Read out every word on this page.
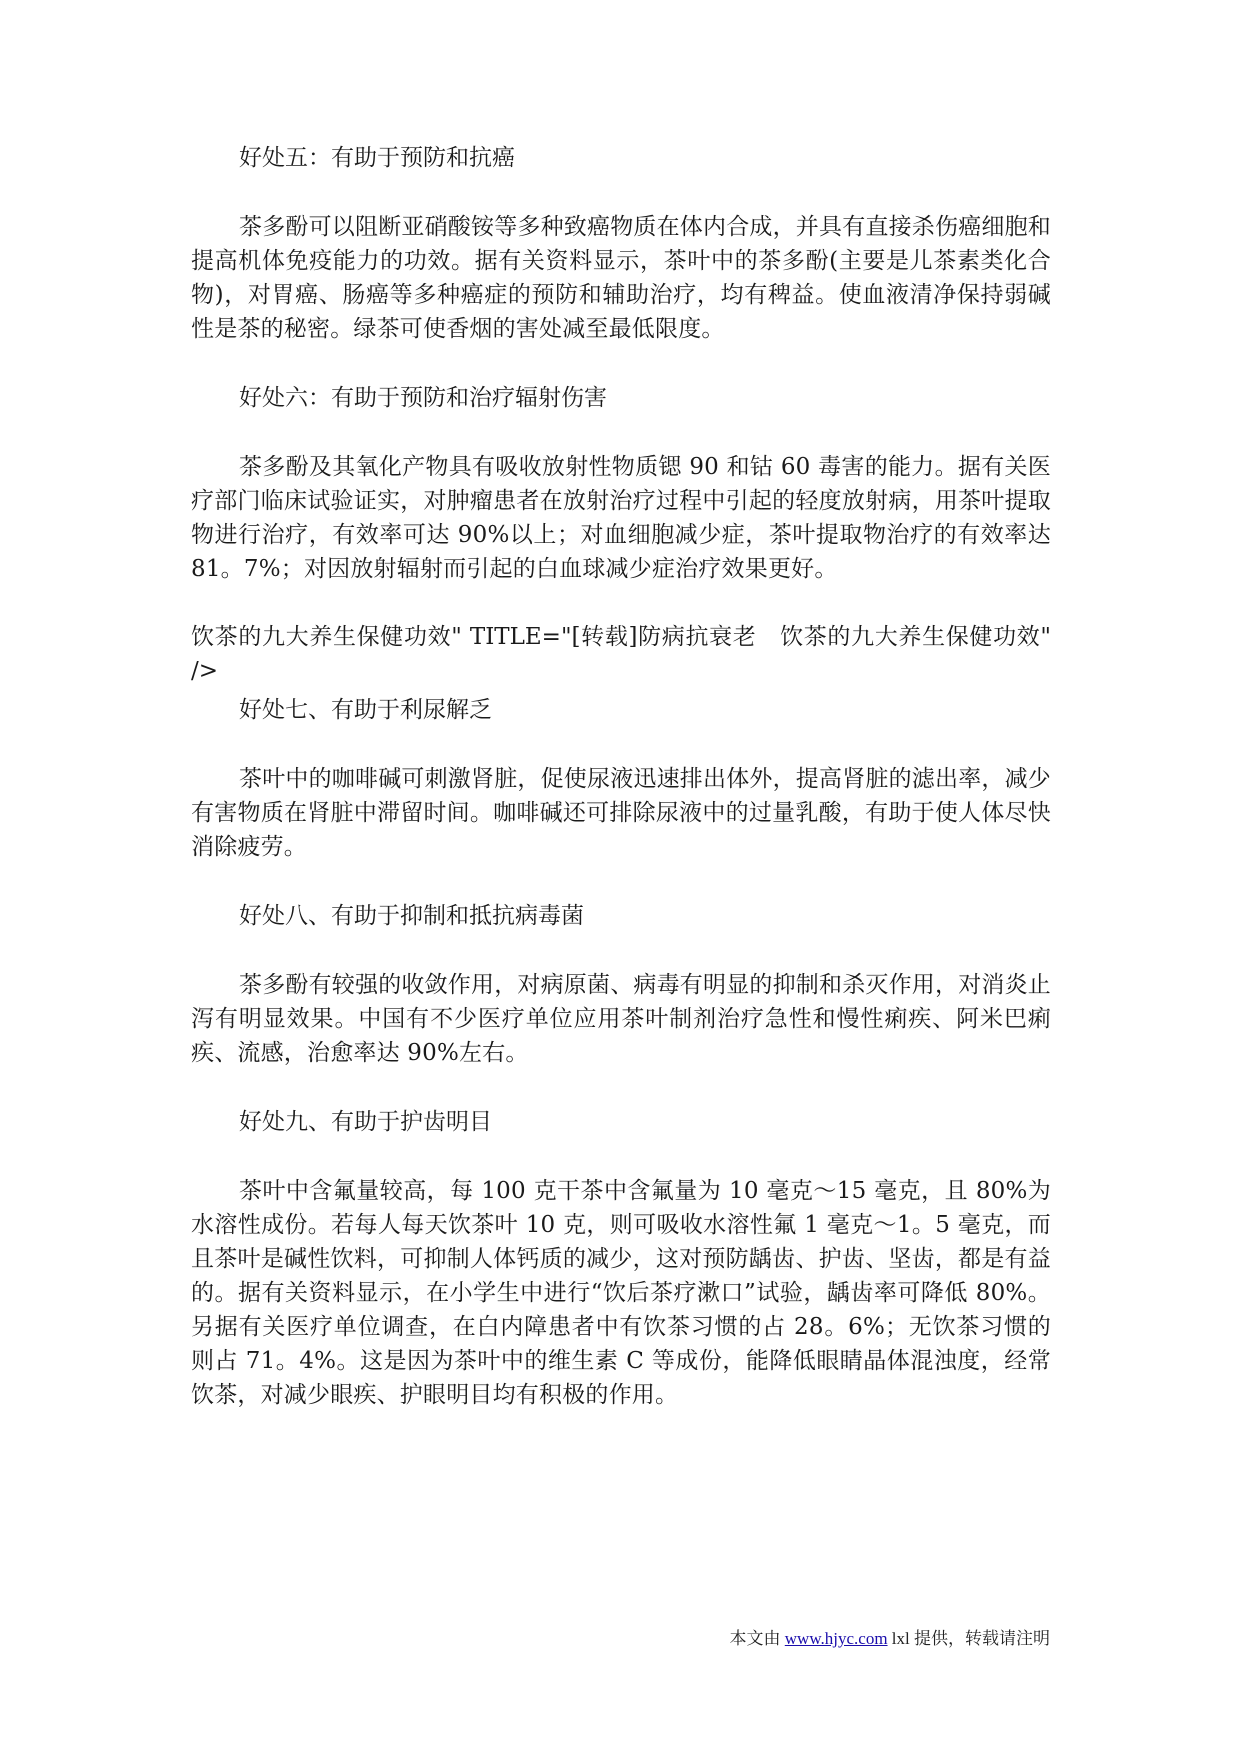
好处五：有助于预防和抗癌

茶多酚可以阻断亚硝酸铵等多种致癌物质在体内合成，并具有直接杀伤癌细胞和提高机体免疫能力的功效。据有关资料显示，茶叶中的茶多酚(主要是儿茶素类化合物)，对胃癌、肠癌等多种癌症的预防和辅助治疗，均有稗益。使血液清净保持弱碱性是茶的秘密。绿茶可使香烟的害处减至最低限度。

好处六：有助于预防和治疗辐射伤害

茶多酚及其氧化产物具有吸收放射性物质锶 90 和钴 60 毒害的能力。据有关医疗部门临床试验证实，对肿瘤患者在放射治疗过程中引起的轻度放射病，用茶叶提取物进行治疗，有效率可达 90%以上；对血细胞减少症，茶叶提取物治疗的有效率达 81。7%；对因放射辐射而引起的白血球减少症治疗效果更好。

饮茶的九大养生保健功效" TITLE="[转载]防病抗衰老　饮茶的九大养生保健功效" />

好处七、有助于利尿解乏

茶叶中的咖啡碱可刺激肾脏，促使尿液迅速排出体外，提高肾脏的滤出率，减少有害物质在肾脏中滞留时间。咖啡碱还可排除尿液中的过量乳酸，有助于使人体尽快消除疲劳。

好处八、有助于抑制和抵抗病毒菌

茶多酚有较强的收敛作用，对病原菌、病毒有明显的抑制和杀灭作用，对消炎止泻有明显效果。中国有不少医疗单位应用茶叶制剂治疗急性和慢性痢疾、阿米巴痢疾、流感，治愈率达 90%左右。

好处九、有助于护齿明目

茶叶中含氟量较高，每 100 克干茶中含氟量为 10 毫克～15 毫克，且 80%为水溶性成份。若每人每天饮茶叶 10 克，则可吸收水溶性氟 1 毫克～1。5 毫克，而且茶叶是碱性饮料，可抑制人体钙质的减少，这对预防龋齿、护齿、坚齿，都是有益的。据有关资料显示，在小学生中进行“饮后茶疗漱口”试验，龋齿率可降低 80%。另据有关医疗单位调查，在白内障患者中有饮茶习惯的占 28。6%；无饮茶习惯的则占 71。4%。这是因为茶叶中的维生素 C 等成份，能降低眼睛晶体混浊度，经常饮茶，对减少眼疾、护眼明目均有积极的作用。

本文由 www.hjyc.com lxl 提供，转载请注明
